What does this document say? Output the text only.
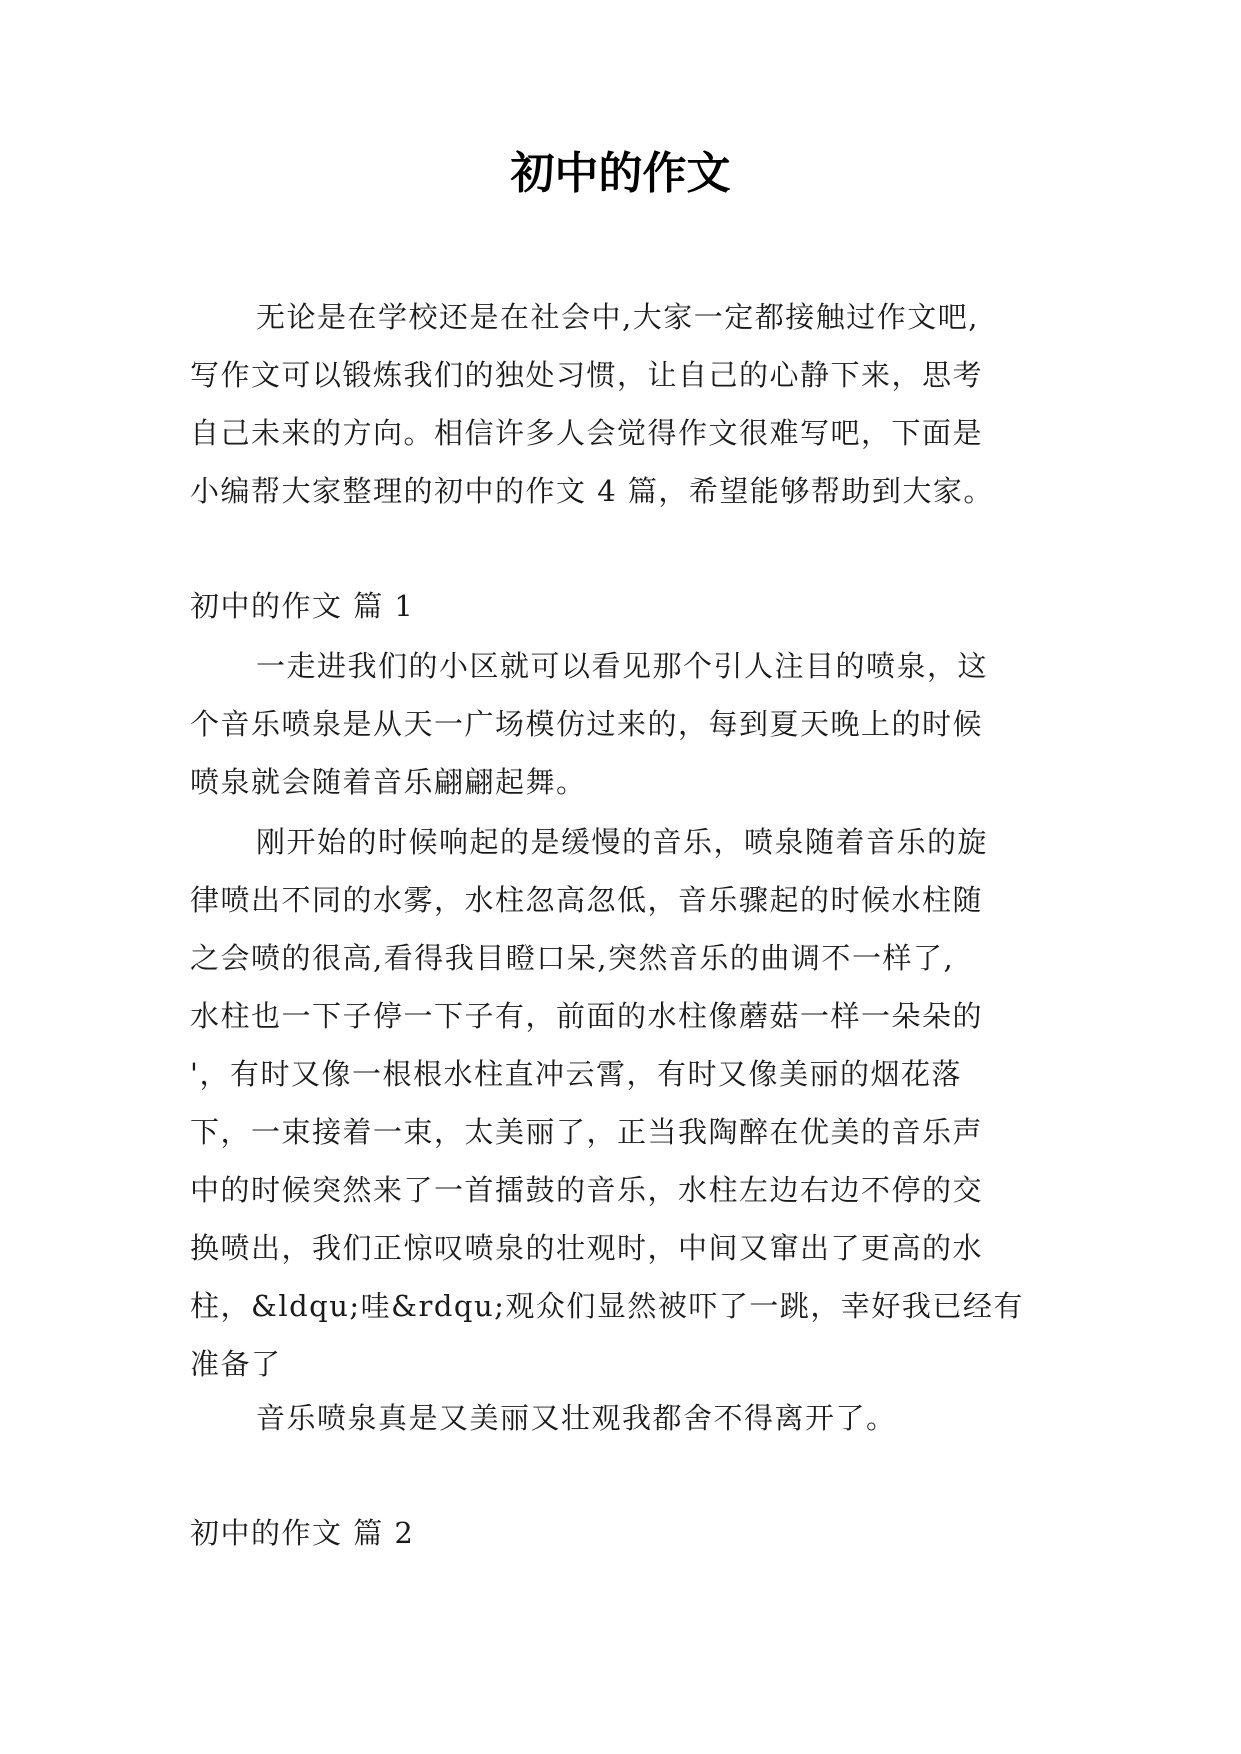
初中的作文
无论是在学校还是在社会中,大家一定都接触过作文吧,
写作文可以锻炼我们的独处习惯，让自己的心静下来，思考
自己未来的方向。相信许多人会觉得作文很难写吧，下面是
小编帮大家整理的初中的作文 4 篇，希望能够帮助到大家。
初中的作文 篇 1
一走进我们的小区就可以看见那个引人注目的喷泉，这
个音乐喷泉是从天一广场模仿过来的，每到夏天晚上的时候
喷泉就会随着音乐翩翩起舞。
刚开始的时候响起的是缓慢的音乐，喷泉随着音乐的旋
律喷出不同的水雾，水柱忽高忽低，音乐骤起的时候水柱随
之会喷的很高,看得我目瞪口呆,突然音乐的曲调不一样了,
水柱也一下子停一下子有，前面的水柱像蘑菇一样一朵朵的
'，有时又像一根根水柱直冲云霄，有时又像美丽的烟花落
下，一束接着一束，太美丽了，正当我陶醉在优美的音乐声
中的时候突然来了一首擂鼓的音乐，水柱左边右边不停的交
换喷出，我们正惊叹喷泉的壮观时，中间又窜出了更高的水
柱，&ldqu;哇&rdqu;观众们显然被吓了一跳，幸好我已经有
准备了
音乐喷泉真是又美丽又壮观我都舍不得离开了。
初中的作文 篇 2
